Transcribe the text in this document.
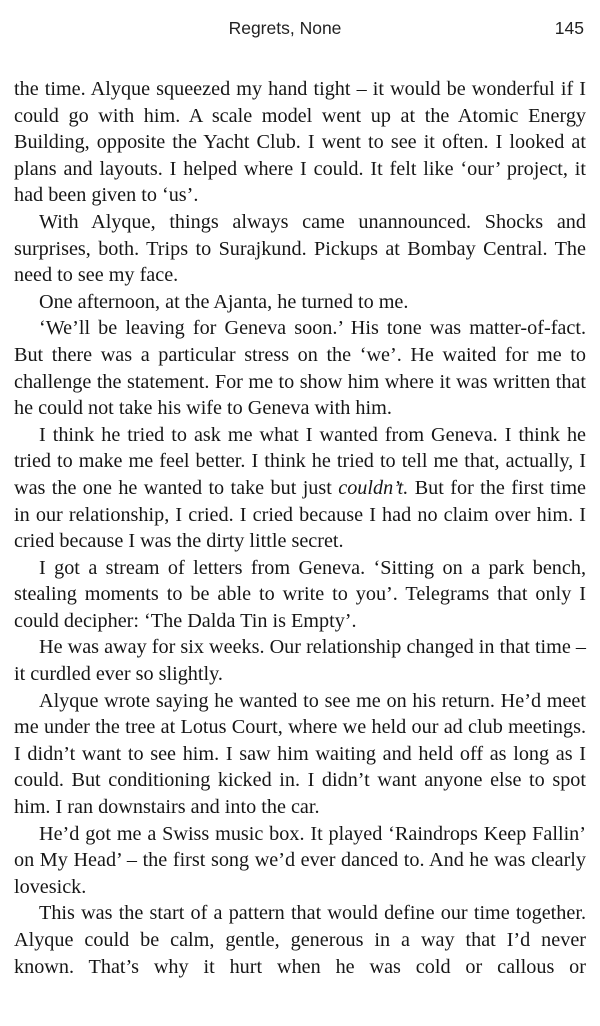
Regrets, None	145

the time. Alyque squeezed my hand tight – it would be wonderful if I could go with him. A scale model went up at the Atomic Energy Building, opposite the Yacht Club. I went to see it often. I looked at plans and layouts. I helped where I could. It felt like ‘our’ project, it had been given to ‘us’.

With Alyque, things always came unannounced. Shocks and surprises, both. Trips to Surajkund. Pickups at Bombay Central. The need to see my face.

One afternoon, at the Ajanta, he turned to me.

‘We’ll be leaving for Geneva soon.’ His tone was matter-of-fact. But there was a particular stress on the ‘we’. He waited for me to challenge the statement. For me to show him where it was written that he could not take his wife to Geneva with him.

I think he tried to ask me what I wanted from Geneva. I think he tried to make me feel better. I think he tried to tell me that, actually, I was the one he wanted to take but just couldn’t. But for the first time in our relationship, I cried. I cried because I had no claim over him. I cried because I was the dirty little secret.

I got a stream of letters from Geneva. ‘Sitting on a park bench, stealing moments to be able to write to you’. Telegrams that only I could decipher: ‘The Dalda Tin is Empty’.

He was away for six weeks. Our relationship changed in that time – it curdled ever so slightly.

Alyque wrote saying he wanted to see me on his return. He’d meet me under the tree at Lotus Court, where we held our ad club meetings. I didn’t want to see him. I saw him waiting and held off as long as I could. But conditioning kicked in. I didn’t want anyone else to spot him. I ran downstairs and into the car.

He’d got me a Swiss music box. It played ‘Raindrops Keep Fallin’ on My Head’ – the first song we’d ever danced to. And he was clearly lovesick.

This was the start of a pattern that would define our time together. Alyque could be calm, gentle, generous in a way that I’d never known. That’s why it hurt when he was cold or callous or
